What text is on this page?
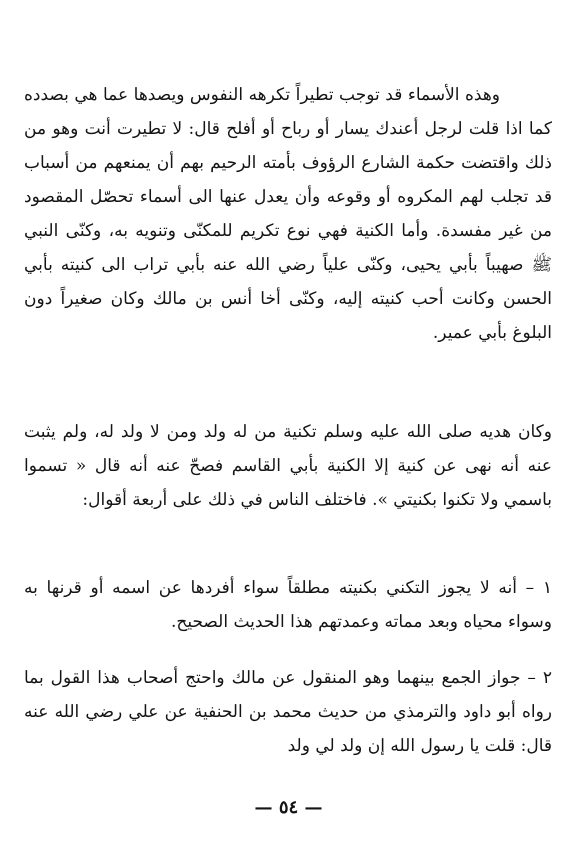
وهذه الأسماء قد توجب تطيراً تكرهه النفوس ويصدها عما هي بصدده كما اذا قلت لرجل أعندك يسار أو رباح أو أفلح قال: لا تطيرت أنت وهو من ذلك واقتضت حكمة الشارع الرؤوف بأمته الرحيم بهم أن يمنعهم من أسباب قد تجلب لهم المكروه أو وقوعه وأن يعدل عنها الى أسماء تحصّل المقصود من غير مفسدة. وأما الكنية فهي نوع تكريم للمكنّى وتنويه به، وكنّى النبي ﷺ صهيباً بأبي يحيى، وكنّى علياً رضي الله عنه بأبي تراب الى كنيته بأبي الحسن وكانت أحب كنيته إليه، وكنّى أخا أنس بن مالك وكان صغيراً دون البلوغ بأبي عمير.

وكان هديه صلى الله عليه وسلم تكنية من له ولد ومن لا ولد له، ولم يثبت عنه أنه نهى عن كنية إلا الكنية بأبي القاسم فصحّ عنه أنه قال « تسموا باسمي ولا تكنوا بكنيتي ». فاختلف الناس في ذلك على أربعة أقوال:

١ – أنه لا يجوز التكني بكنيته مطلقاً سواء أفردها عن اسمه أو قرنها به وسواء محياه وبعد مماته وعمدتهم هذا الحديث الصحيح.

٢ – جواز الجمع بينهما وهو المنقول عن مالك واحتج أصحاب هذا القول بما رواه أبو داود والترمذي من حديث محمد بن الحنفية عن علي رضي الله عنه قال: قلت يا رسول الله إن ولد لي ولد

— ٥٤ —
